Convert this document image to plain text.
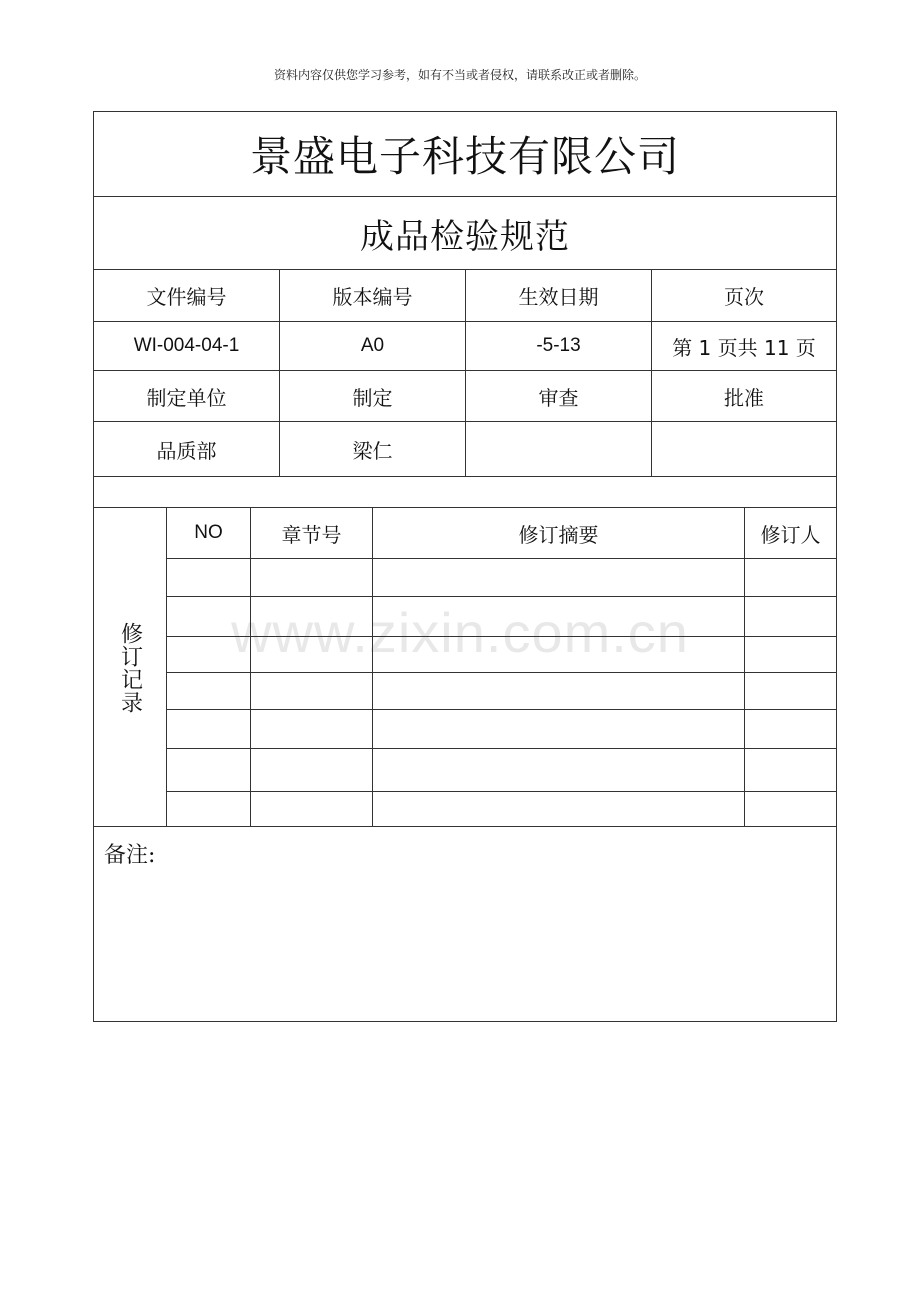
资料内容仅供您学习参考，如有不当或者侵权，请联系改正或者删除。
www.zixin.com.cn
景盛电子科技有限公司
成品检验规范
文件编号	版本编号	生效日期	页次
WI-004-04-1	A0	-5-13	第 1 页共 11 页
制定单位	制定	审查	批准
品质部	梁仁
修订记录
NO	章节号	修订摘要	修订人
备注:
